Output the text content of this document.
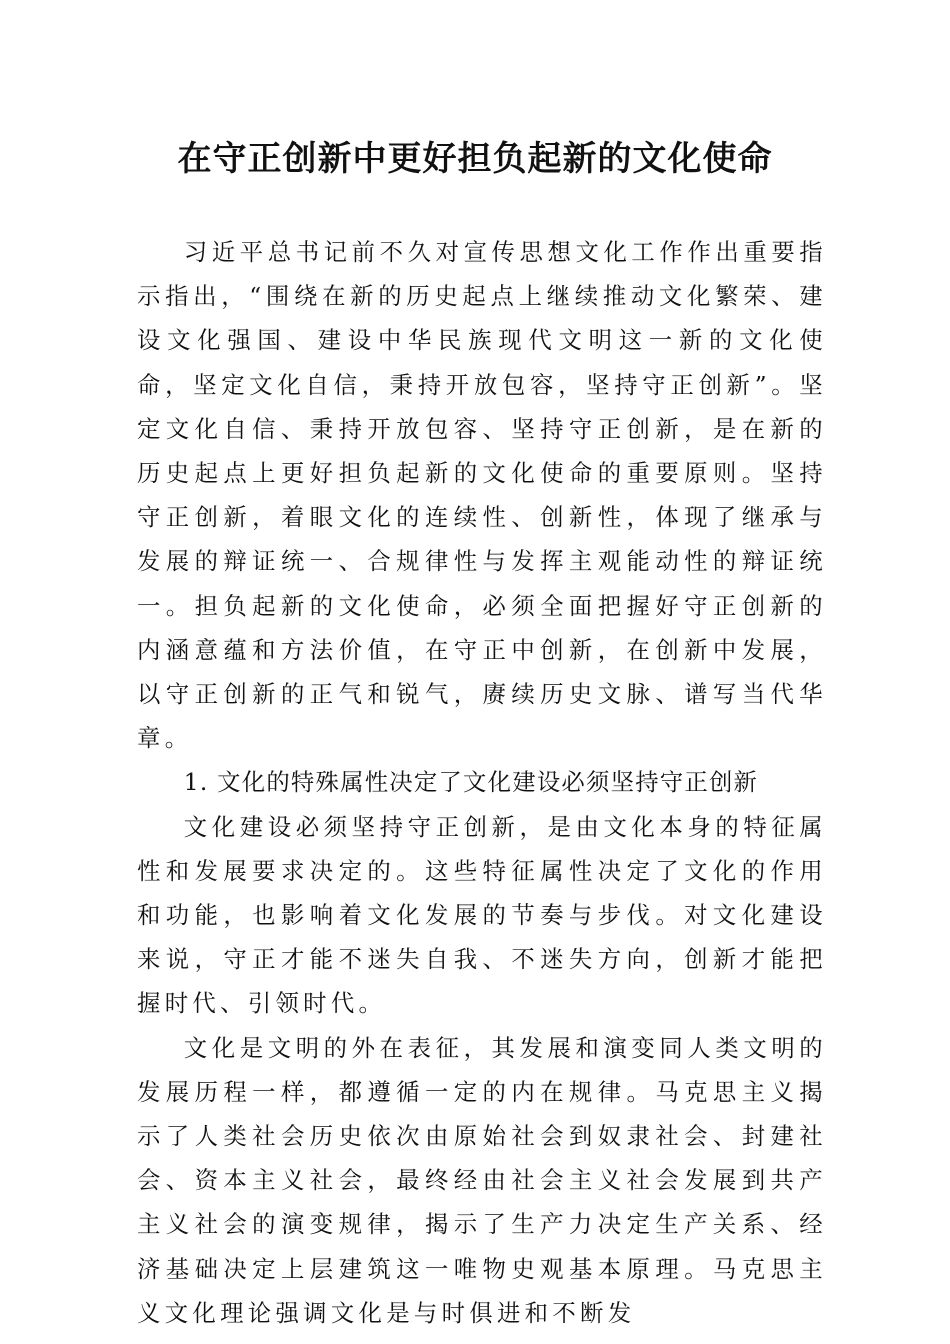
在守正创新中更好担负起新的文化使命

习近平总书记前不久对宣传思想文化工作作出重要指示指出，“围绕在新的历史起点上继续推动文化繁荣、建设文化强国、建设中华民族现代文明这一新的文化使命，坚定文化自信，秉持开放包容，坚持守正创新”。坚定文化自信、秉持开放包容、坚持守正创新，是在新的历史起点上更好担负起新的文化使命的重要原则。坚持守正创新，着眼文化的连续性、创新性，体现了继承与发展的辩证统一、合规律性与发挥主观能动性的辩证统一。担负起新的文化使命，必须全面把握好守正创新的内涵意蕴和方法价值，在守正中创新，在创新中发展，以守正创新的正气和锐气，赓续历史文脉、谱写当代华章。

1. 文化的特殊属性决定了文化建设必须坚持守正创新

文化建设必须坚持守正创新，是由文化本身的特征属性和发展要求决定的。这些特征属性决定了文化的作用和功能，也影响着文化发展的节奏与步伐。对文化建设来说，守正才能不迷失自我、不迷失方向，创新才能把握时代、引领时代。

文化是文明的外在表征，其发展和演变同人类文明的发展历程一样，都遵循一定的内在规律。马克思主义揭示了人类社会历史依次由原始社会到奴隶社会、封建社会、资本主义社会，最终经由社会主义社会发展到共产主义社会的演变规律，揭示了生产力决定生产关系、经济基础决定上层建筑这一唯物史观基本原理。马克思主义文化理论强调文化是与时俱进和不断发
